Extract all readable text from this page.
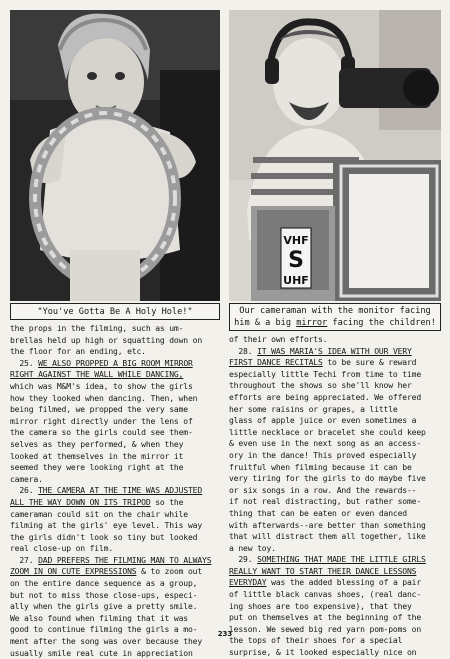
VHF
S
UHF
"You've Gotta Be A Holy Hole!"	Our cameraman with the monitor facing
him & a big mirror facing the children!
the props in the filming, such as um-
brellas held up high or squatting down on
the floor for an ending, etc.
25. WE ALSO PROPPED A BIG ROOM MIRROR
RIGHT AGAINST THE WALL WHILE DANCING,
which was M&M's idea, to show the girls
how they looked when dancing. Then, when
being filmed, we propped the very same
mirror right directly under the lens of
the camera so the girls could see them-
selves as they performed, & when they
looked at themselves in the mirror it
seemed they were looking right at the
camera.
26. THE CAMERA AT THE TIME WAS ADJUSTED
ALL THE WAY DOWN ON ITS TRIPOD so the
cameraman could sit on the chair while
filming at the girls' eye level. This way
the girls didn't look so tiny but looked
real close-up on film.
27. DAD PREFERS THE FILMING MAN TO ALWAYS
ZOOM IN ON CUTE EXPRESSIONS & to zoom out
on the entire dance sequence as a group,
but not to miss those close-ups, especi-
ally when the girls give a pretty smile.
We also found when filming that it was
good to continue filming the girls a mo-
ment after the song was over because they
usually smile real cute in appreciation
of their own efforts.
28. IT WAS MARIA'S IDEA WITH OUR VERY
FIRST DANCE RECITALS to be sure & reward
especially little Techi from time to time
throughout the shows so she'll know her
efforts are being appreciated. We offered
her some raisins or grapes, a little
glass of apple juice or even sometimes a
little necklace or bracelet she could keep
& even use in the next song as an access-
ory in the dance! This proved especially
fruitful when filming because it can be
very tiring for the girls to do maybe five
or six songs in a row. And the rewards--
if not real distracting, but rather some-
thing that can be eaten or even danced
with afterwards--are better than something
that will distract them all together, like
a new toy.
29. SOMETHING THAT MADE THE LITTLE GIRLS
REALLY WANT TO START THEIR DANCE LESSONS
EVERYDAY was the added blessing of a pair
of little black canvas shoes, (real danc-
ing shoes are too expensive), that they
put on themselves at the beginning of the
lesson. We sewed big red yarn pom-poms on
the tops of their shoes for a special
surprise, & it looked especially nice on
233
